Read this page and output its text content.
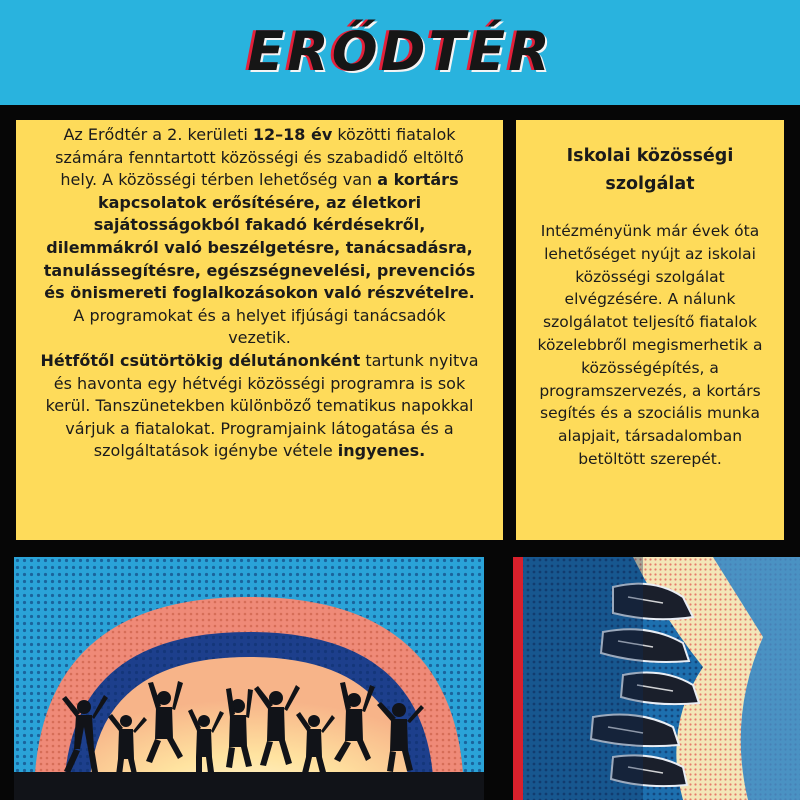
ERŐDTÉR
Az Erődtér a 2. kerületi 12–18 év közötti fiatalok
számára fenntartott közösségi és szabadidő eltöltő
hely. A közösségi térben lehetőség van a kortárs
kapcsolatok erősítésére, az életkori
sajátosságokból fakadó kérdésekről,
dilemmákról való beszélgetésre, tanácsadásra,
tanulássegítésre, egészségnevelési, prevenciós
és önismereti foglalkozásokon való részvételre.
A programokat és a helyet ifjúsági tanácsadók
vezetik.
Hétfőtől csütörtökig délutánonként tartunk nyitva
és havonta egy hétvégi közösségi programra is sok
kerül. Tanszünetekben különböző tematikus napokkal
várjuk a fiatalokat. Programjaink látogatása és a
szolgáltatások igénybe vétele ingyenes.
Iskolai közösségi
szolgálat
Intézményünk már évek óta
lehetőséget nyújt az iskolai
közösségi szolgálat
elvégzésére. A nálunk
szolgálatot teljesítő fiatalok
közelebbről megismerhetik a
közösségépítés, a
programszervezés, a kortárs
segítés és a szociális munka
alapjait, társadalomban
betöltött szerepét.
